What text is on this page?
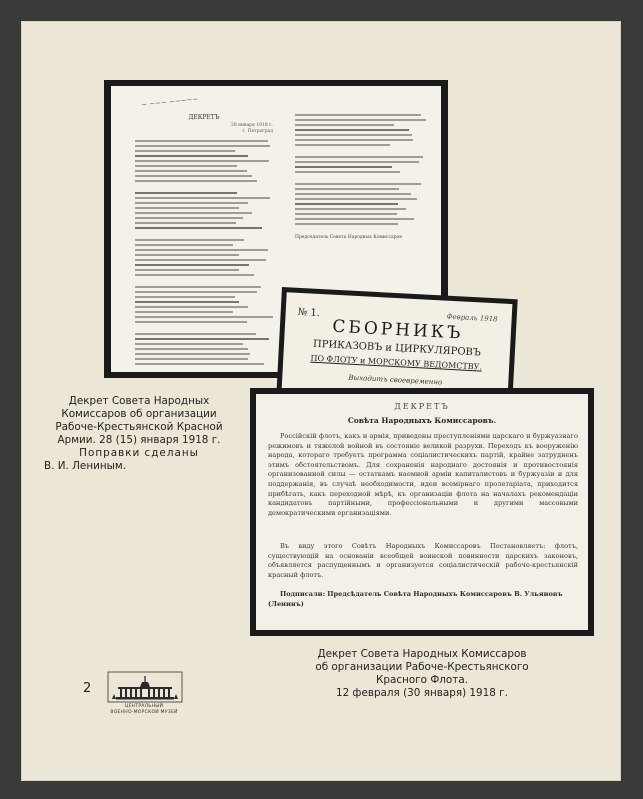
~ ~~~ ~~~~~
ДЕКРЕТЪ
28 января 1918 г.
г. Петроград
Председатель Совета Народных Комиссаров
№ 1.	Февраль 1918
СБОРНИКЪ
ПРИКАЗОВЪ и ЦИРКУЛЯРОВЪ
ПО ФЛОТУ и МОРСКОМУ ВЕДОМСТВУ.
Выходитъ своевременно
ДЕКРЕТЪ
Совѣта Народныхъ Комиссаровъ.
Россійскій флотъ, какъ и армія, приведены преступленіями царскаго и буржуазнаго режимовъ и тяжелой войной въ состояніе великой разрухи. Переходъ къ вооруженію народа, котораго требуетъ программа соціалистическихъ партій, крайне затрудненъ этимъ обстоятельствомъ. Для сохраненія народнаго достоянія и противостоянія организованной силы — остаткамъ наемной арміи капиталистовъ и буржуазіи и для поддержанія, въ случаѣ необходимости, идеи всемірнаго пролетаріата, приходится прибѣгать, какъ переходной мѣрѣ, къ организаціи флота на началахъ рекомендаціи кандидатовъ партійными, профессіональными и другими массовыми демократическими организаціями.
Въ виду этого Совѣтъ Народныхъ Комиссаровъ Постановляетъ: флотъ, существующій на основаніи всеобщей воинской повинности царскихъ законовъ, объявляется распущеннымъ и организуется соціалистическій рабоче-крестьянскій красный флотъ.
Подписали: Предсѣдатель Совѣта Народныхъ Комиссаровъ В. Ульяновъ (Ленинъ)
Декрет Совета Народных
Комиссаров об организации
Рабоче-Крестьянской Красной
Армии. 28 (15) января 1918 г.
Поправки сделаны
В. И. Лениным.
Декрет Совета Народных Комиссаров
об организации Рабоче-Крестьянского
Красного Флота.
12 февраля (30 января) 1918 г.
2
ЦЕНТРАЛЬНЫЙ
ВОЕННО-МОРСКОЙ МУЗЕЙ
